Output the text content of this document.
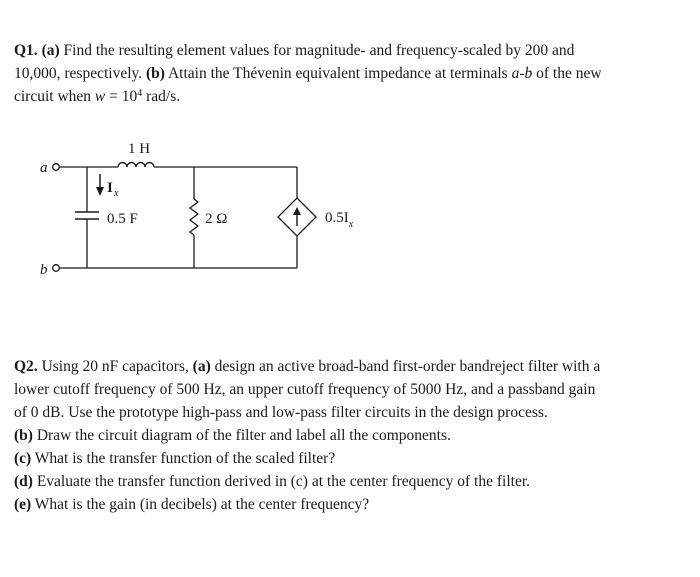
Q1. (a) Find the resulting element values for magnitude- and frequency-scaled by 200 and
10,000, respectively. (b) Attain the Thévenin equivalent impedance at terminals a-b of the new
circuit when $w = 10^4$ rad/s.
1 H
a
b
I x
0.5 F	2 Ω	$0.5I_x$
Q2. Using 20 nF capacitors, (a) design an active broad-band first-order bandreject filter with a
lower cutoff frequency of 500 Hz, an upper cutoff frequency of 5000 Hz, and a passband gain
of 0 dB. Use the prototype high-pass and low-pass filter circuits in the design process.
(b) Draw the circuit diagram of the filter and label all the components.
(c) What is the transfer function of the scaled filter?
(d) Evaluate the transfer function derived in (c) at the center frequency of the filter.
(e) What is the gain (in decibels) at the center frequency?
